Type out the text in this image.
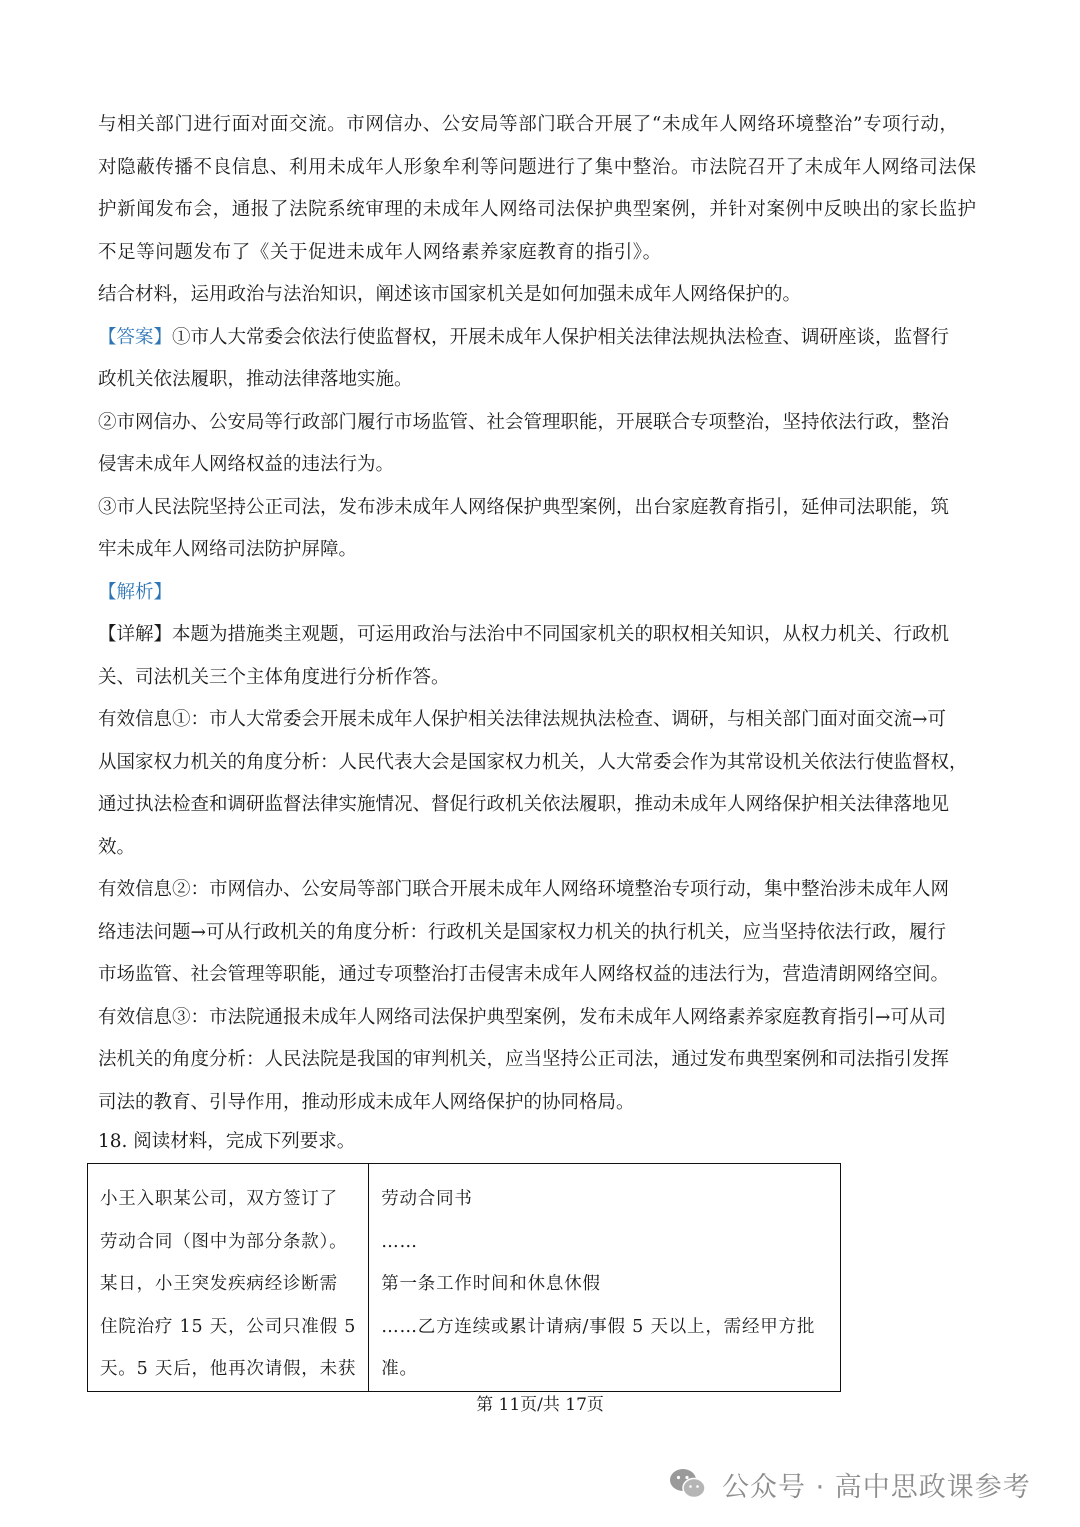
与相关部门进行面对面交流。市网信办、公安局等部门联合开展了“未成年人网络环境整治”专项行动，
对隐蔽传播不良信息、利用未成年人形象牟利等问题进行了集中整治。市法院召开了未成年人网络司法保
护新闻发布会，通报了法院系统审理的未成年人网络司法保护典型案例，并针对案例中反映出的家长监护
不足等问题发布了《关于促进未成年人网络素养家庭教育的指引》。
结合材料，运用政治与法治知识，阐述该市国家机关是如何加强未成年人网络保护的。
【答案】①市人大常委会依法行使监督权，开展未成年人保护相关法律法规执法检查、调研座谈，监督行
政机关依法履职，推动法律落地实施。
②市网信办、公安局等行政部门履行市场监管、社会管理职能，开展联合专项整治，坚持依法行政，整治
侵害未成年人网络权益的违法行为。
③市人民法院坚持公正司法，发布涉未成年人网络保护典型案例，出台家庭教育指引，延伸司法职能，筑
牢未成年人网络司法防护屏障。
【解析】
【详解】本题为措施类主观题，可运用政治与法治中不同国家机关的职权相关知识，从权力机关、行政机
关、司法机关三个主体角度进行分析作答。
有效信息①：市人大常委会开展未成年人保护相关法律法规执法检查、调研，与相关部门面对面交流→可
从国家权力机关的角度分析：人民代表大会是国家权力机关，人大常委会作为其常设机关依法行使监督权，
通过执法检查和调研监督法律实施情况、督促行政机关依法履职，推动未成年人网络保护相关法律落地见
效。
有效信息②：市网信办、公安局等部门联合开展未成年人网络环境整治专项行动，集中整治涉未成年人网
络违法问题→可从行政机关的角度分析：行政机关是国家权力机关的执行机关，应当坚持依法行政，履行
市场监管、社会管理等职能，通过专项整治打击侵害未成年人网络权益的违法行为，营造清朗网络空间。
有效信息③：市法院通报未成年人网络司法保护典型案例，发布未成年人网络素养家庭教育指引→可从司
法机关的角度分析：人民法院是我国的审判机关，应当坚持公正司法，通过发布典型案例和司法指引发挥
司法的教育、引导作用，推动形成未成年人网络保护的协同格局。
18. 阅读材料，完成下列要求。
小王入职某公司，双方签订了
劳动合同（图中为部分条款）。
某日，小王突发疾病经诊断需
住院治疗 15 天，公司只准假 5
天。5 天后，他再次请假，未获

劳动合同书
……
第一条工作时间和休息休假
……乙方连续或累计请病/事假 5 天以上，需经甲方批
准。
第 11页/共 17页
公众号 · 高中思政课参考
